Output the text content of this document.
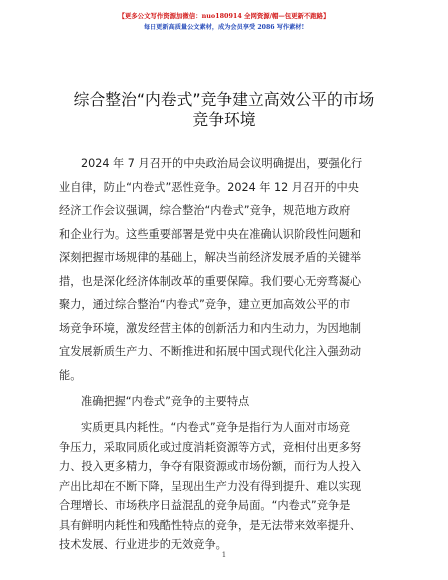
【更多公文写作资源加微信：nuo180914 全网资源/帽—包更新不跑路】
每日更新高质量公文素材，成为会员享受 2086 写作素材!
综合整治“内卷式”竞争建立高效公平的市场
竞争环境
2024 年 7 月召开的中央政治局会议明确提出，要强化行
业自律，防止“内卷式”恶性竞争。2024 年 12 月召开的中央
经济工作会议强调，综合整治“内卷式”竞争，规范地方政府
和企业行为。这些重要部署是党中央在准确认识阶段性问题和
深刻把握市场规律的基础上，解决当前经济发展矛盾的关键举
措，也是深化经济体制改革的重要保障。我们要心无旁骛凝心
聚力，通过综合整治“内卷式”竞争，建立更加高效公平的市
场竞争环境，激发经营主体的创新活力和内生动力，为因地制
宜发展新质生产力、不断推进和拓展中国式现代化注入强劲动
能。
准确把握“内卷式”竞争的主要特点
实质更具内耗性。“内卷式”竞争是指行为人面对市场竞
争压力，采取同质化或过度消耗资源等方式，竞相付出更多努
力、投入更多精力，争夺有限资源或市场份额，而行为人投入
产出比却在不断下降，呈现出生产力没有得到提升、难以实现
合理增长、市场秩序日益混乱的竞争局面。“内卷式”竞争是
具有鲜明内耗性和残酷性特点的竞争，是无法带来效率提升、
技术发展、行业进步的无效竞争。
1
